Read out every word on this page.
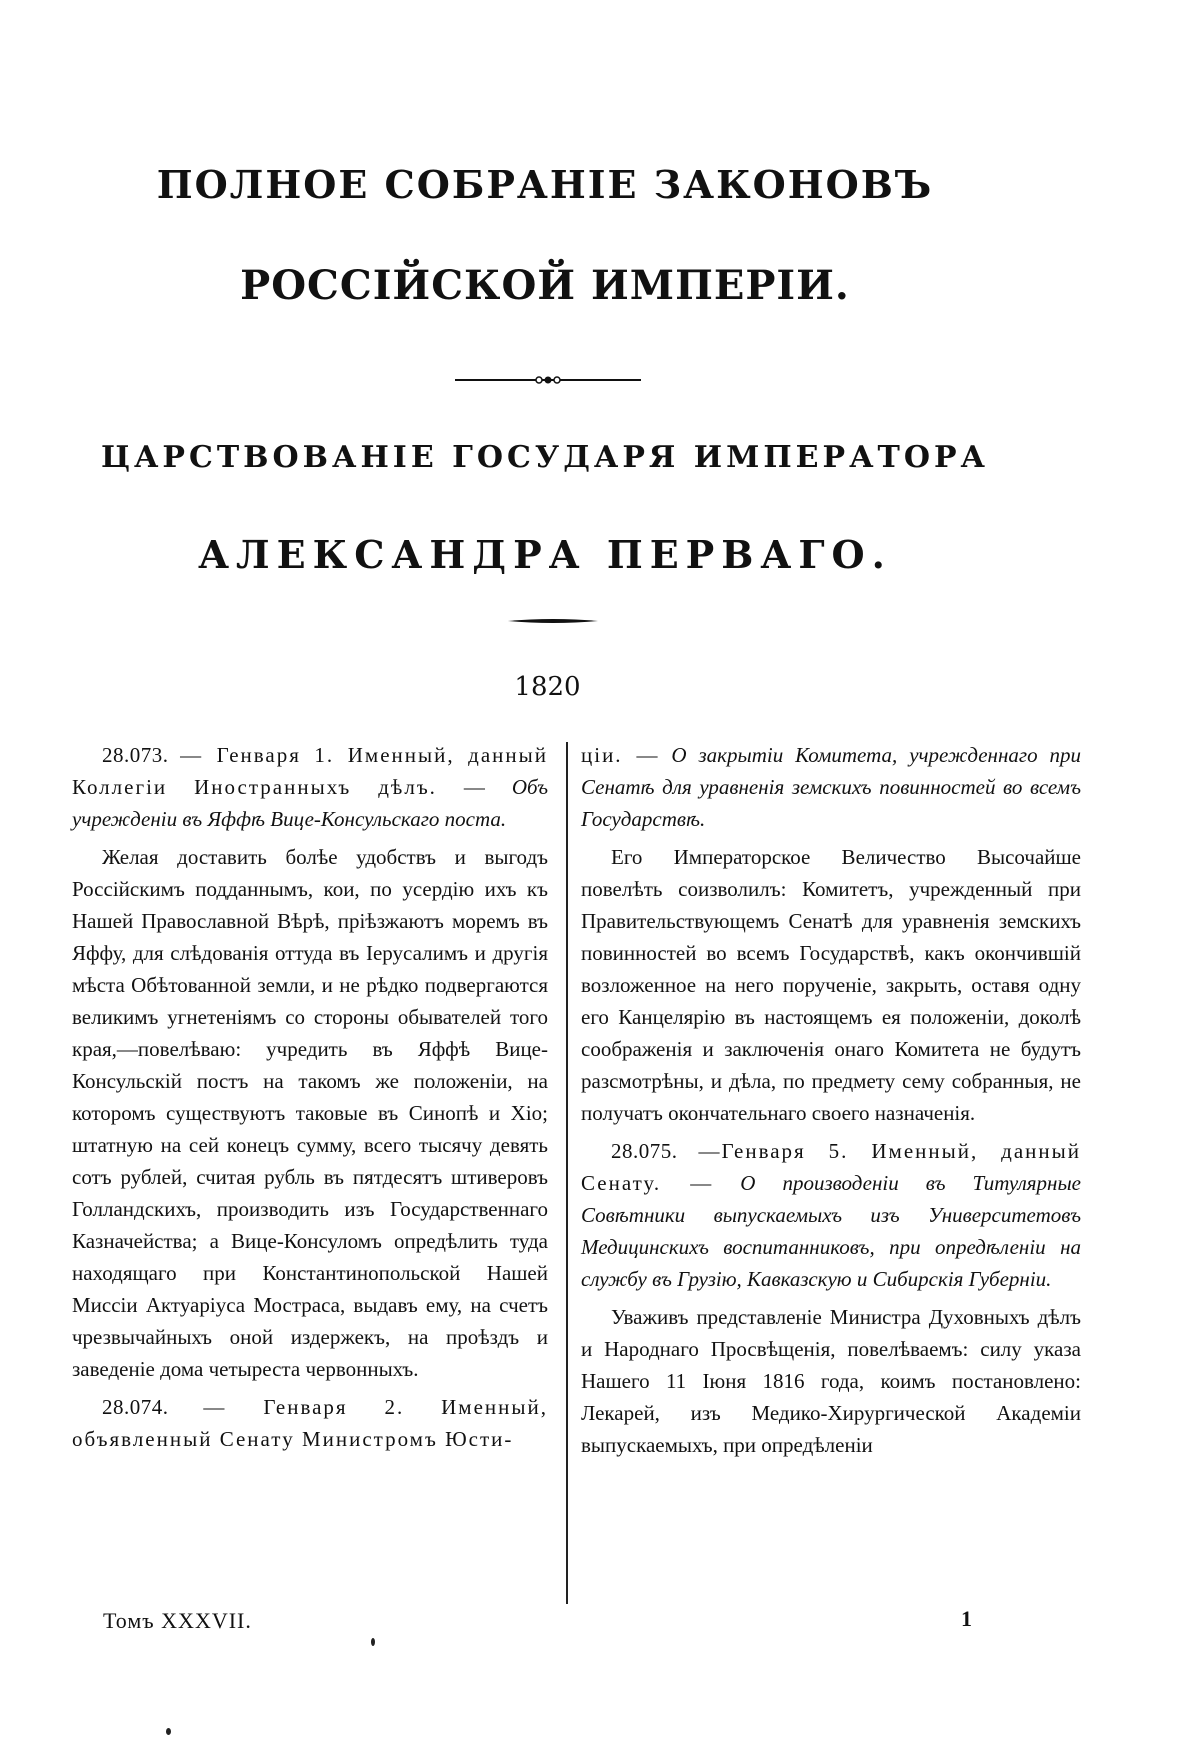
ПОЛНОЕ СОБРАНІЕ ЗАКОНОВЪ
РОССІЙСКОЙ ИМПЕРІИ.
ЦАРСТВОВАНІЕ ГОСУДАРЯ ИМПЕРАТОРА
АЛЕКСАНДРА ПЕРВАГО.
1820

28.073. — Генваря 1. Именный, данный Коллегіи Иностранныхъ дѣлъ. — Объ учрежденіи въ Яффѣ Вице-Консульскаго поста.

Желая доставить болѣе удобствъ и выгодъ Россійскимъ подданнымъ, кои, по усердію ихъ къ Нашей Православной Вѣрѣ, пріѣзжаютъ моремъ въ Яффу, для слѣдованія оттуда въ Іерусалимъ и другія мѣста Обѣтованной земли, и не рѣдко подвергаются великимъ угнетеніямъ со стороны обывателей того края,—повелѣваю: учредить въ Яффѣ Вице-Консульскій постъ на такомъ же положеніи, на которомъ существуютъ таковые въ Синопѣ и Хіо; штатную на сей конецъ сумму, всего тысячу девять сотъ рублей, считая рубль въ пятдесятъ штиверовъ Голландскихъ, производить изъ Государственнаго Казначейства; а Вице-Консуломъ опредѣлить туда находящаго при Константинопольской Нашей Миссіи Актуаріуса Мостраса, выдавъ ему, на счетъ чрезвычайныхъ оной издержекъ, на проѣздъ и заведеніе дома четыреста червонныхъ.

28.074. — Генваря 2. Именный, объявленный Сенату Министромъ Юсти-

ціи. — О закрытіи Комитета, учрежденнаго при Сенатѣ для уравненія земскихъ повинностей во всемъ Государствѣ.

Его Императорское Величество Высочайше повелѣть соизволилъ: Комитетъ, учрежденный при Правительствующемъ Сенатѣ для уравненія земскихъ повинностей во всемъ Государствѣ, какъ окончившій возложенное на него порученіе, закрыть, оставя одну его Канцелярію въ настоящемъ ея положеніи, доколѣ соображенія и заключенія онаго Комитета не будутъ разсмотрѣны, и дѣла, по предмету сему собранныя, не получатъ окончательнаго своего назначенія.

28.075. —Генваря 5. Именный, данный Сенату. — О производеніи въ Титулярные Совѣтники выпускаемыхъ изъ Университетовъ Медицинскихъ воспитанниковъ, при опредѣленіи на службу въ Грузію, Кавказскую и Сибирскія Губерніи.

Уваживъ представленіе Министра Духовныхъ дѣлъ и Народнаго Просвѣщенія, повелѣваемъ: силу указа Нашего 11 Іюня 1816 года, коимъ постановлено: Лекарей, изъ Медико-Хирургической Академіи выпускаемыхъ, при опредѣленіи

Томъ XXXVII.	1
